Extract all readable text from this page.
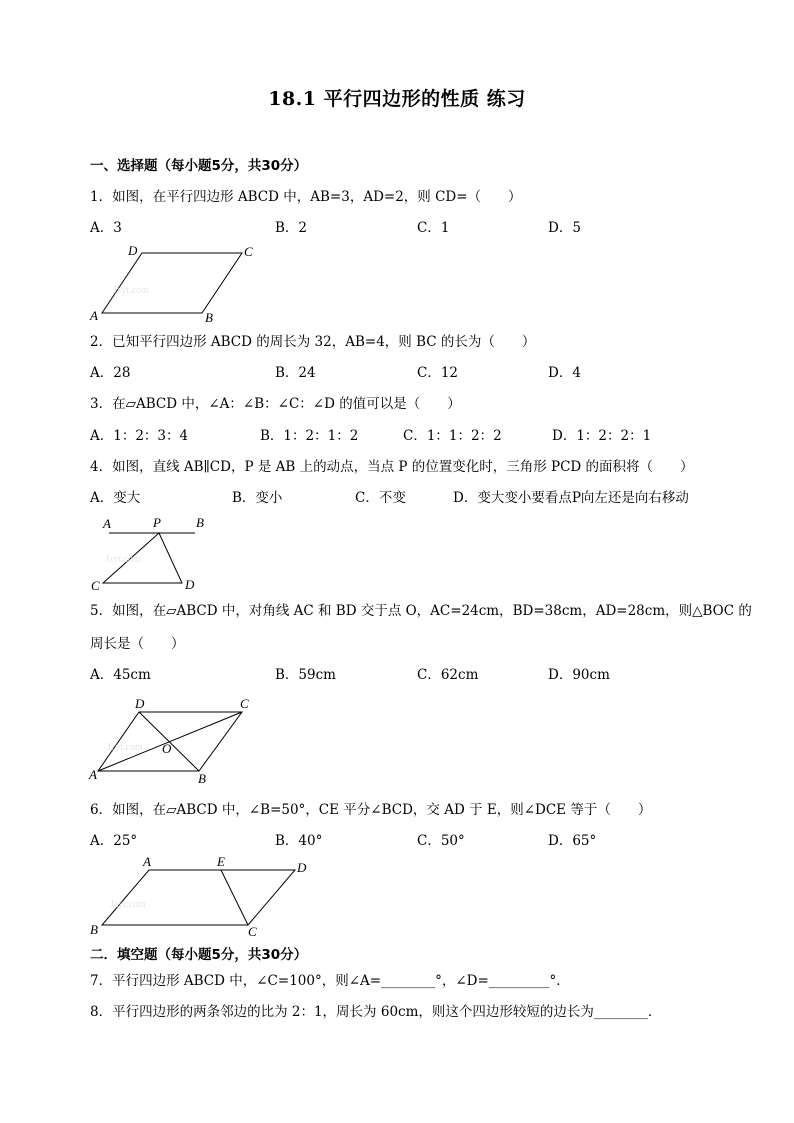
18.1 平行四边形的性质 练习
一、选择题（每小题5分，共30分）
1．如图，在平行四边形 ABCD 中，AB=3，AD=2，则 CD=（　　）
A．3	B．2	C．1	D．5
Jzyt.com
D	C
A	B
2．已知平行四边形 ABCD 的周长为 32，AB=4，则 BC 的长为（　　）
A．28	B．24	C．12	D．4
3．在▱ABCD 中，∠A：∠B：∠C：∠D 的值可以是（　　）
A．1：2：3：4	B．1：2：1：2	C．1：1：2：2	D．1：2：2：1
4．如图，直线 AB∥CD，P 是 AB 上的动点，当点 P 的位置变化时，三角形 PCD 的面积将（　　）
A．变大	B．变小	C．不变	D．变大变小要看点P向左还是向右移动
Jzyt.com
A	P	B
C	D
5．如图，在▱ABCD 中，对角线 AC 和 BD 交于点 O，AC=24cm，BD=38cm，AD=28cm，则△BOC 的
周长是（　　）
A．45cm	B．59cm	C．62cm	D．90cm
Jzyt.com
D	C
O
A	B
6．如图，在▱ABCD 中，∠B=50°，CE 平分∠BCD，交 AD 于 E，则∠DCE 等于（　　）
A．25°	B．40°	C．50°	D．65°
Jzyt.com
A	E	D
B	C
二．填空题（每小题5分，共30分）
7．平行四边形 ABCD 中，∠C=100°，则∠A=________°，∠D=_________°．
8．平行四边形的两条邻边的比为 2：1，周长为 60cm，则这个四边形较短的边长为________．
